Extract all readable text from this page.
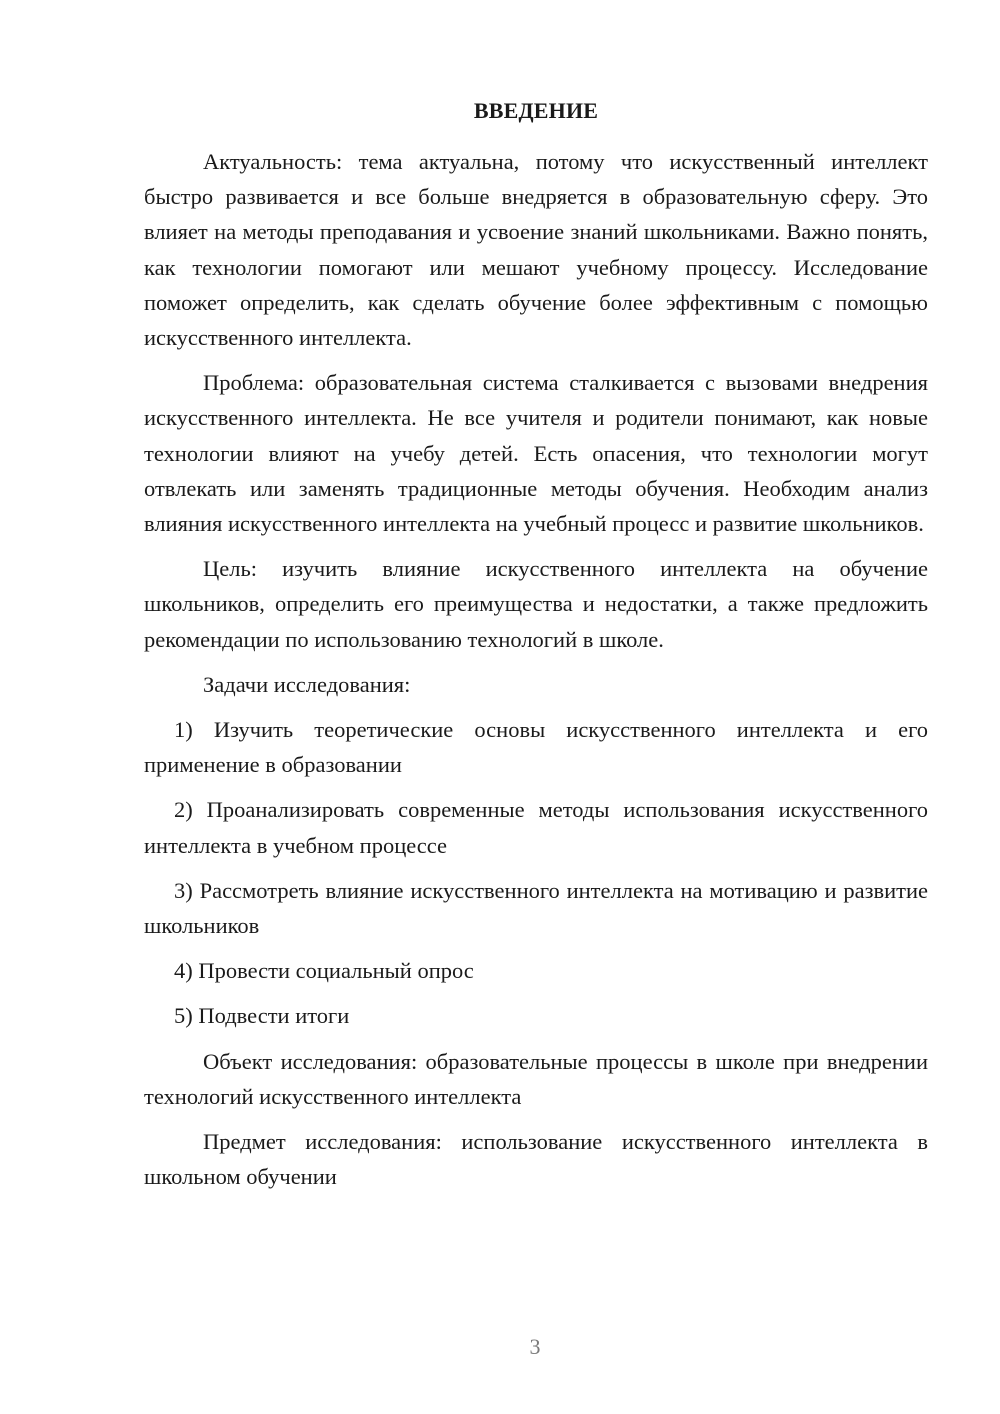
ВВЕДЕНИЕ

Актуальность: тема актуальна, потому что искусственный интеллект быстро развивается и все больше внедряется в образовательную сферу. Это влияет на методы преподавания и усвоение знаний школьниками. Важно понять, как технологии помогают или мешают учебному процессу. Исследование поможет определить, как сделать обучение более эффективным с помощью искусственного интеллекта.

Проблема: образовательная система сталкивается с вызовами внедрения искусственного интеллекта. Не все учителя и родители понимают, как новые технологии влияют на учебу детей. Есть опасения, что технологии могут отвлекать или заменять традиционные методы обучения. Необходим анализ влияния искусственного интеллекта на учебный процесс и развитие школьников.

Цель: изучить влияние искусственного интеллекта на обучение школьников, определить его преимущества и недостатки, а также предложить рекомендации по использованию технологий в школе.

Задачи исследования:

1) Изучить теоретические основы искусственного интеллекта и его применение в образовании

2) Проанализировать современные методы использования искусственного интеллекта в учебном процессе

3) Рассмотреть влияние искусственного интеллекта на мотивацию и развитие школьников

4) Провести социальный опрос

5) Подвести итоги

Объект исследования: образовательные процессы в школе при внедрении технологий искусственного интеллекта

Предмет исследования: использование искусственного интеллекта в школьном обучении

3
